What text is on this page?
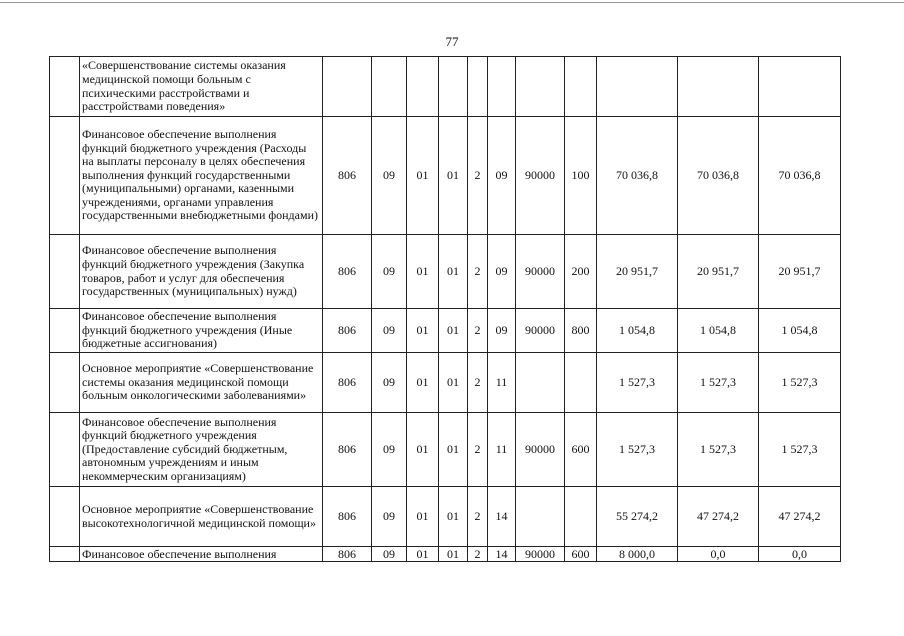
77
	«Совершенствование системы оказания медицинской помощи больным с психическими расстройствами и расстройствами поведения»											
	Финансовое обеспечение выполнения функций бюджетного учреждения (Расходы на выплаты персоналу в целях обеспечения выполнения функций государственными (муниципальными) органами, казенными учреждениями, органами управления государственными внебюджетными фондами)	806	09	01	01	2	09	90000	100	70 036,8	70 036,8	70 036,8
	Финансовое обеспечение выполнения функций бюджетного учреждения (Закупка товаров, работ и услуг для обеспечения государственных (муниципальных) нужд)	806	09	01	01	2	09	90000	200	20 951,7	20 951,7	20 951,7
	Финансовое обеспечение выполнения функций бюджетного учреждения (Иные бюджетные ассигнования)	806	09	01	01	2	09	90000	800	1 054,8	1 054,8	1 054,8
	Основное мероприятие «Совершенствование системы оказания медицинской помощи больным онкологическими заболеваниями»	806	09	01	01	2	11			1 527,3	1 527,3	1 527,3
	Финансовое обеспечение выполнения функций бюджетного учреждения (Предоставление субсидий бюджетным, автономным учреждениям и иным некоммерческим организациям)	806	09	01	01	2	11	90000	600	1 527,3	1 527,3	1 527,3
	Основное мероприятие «Совершенствование высокотехнологичной медицинской помощи»	806	09	01	01	2	14			55 274,2	47 274,2	47 274,2
	Финансовое обеспечение выполнения	806	09	01	01	2	14	90000	600	8 000,0	0,0	0,0
